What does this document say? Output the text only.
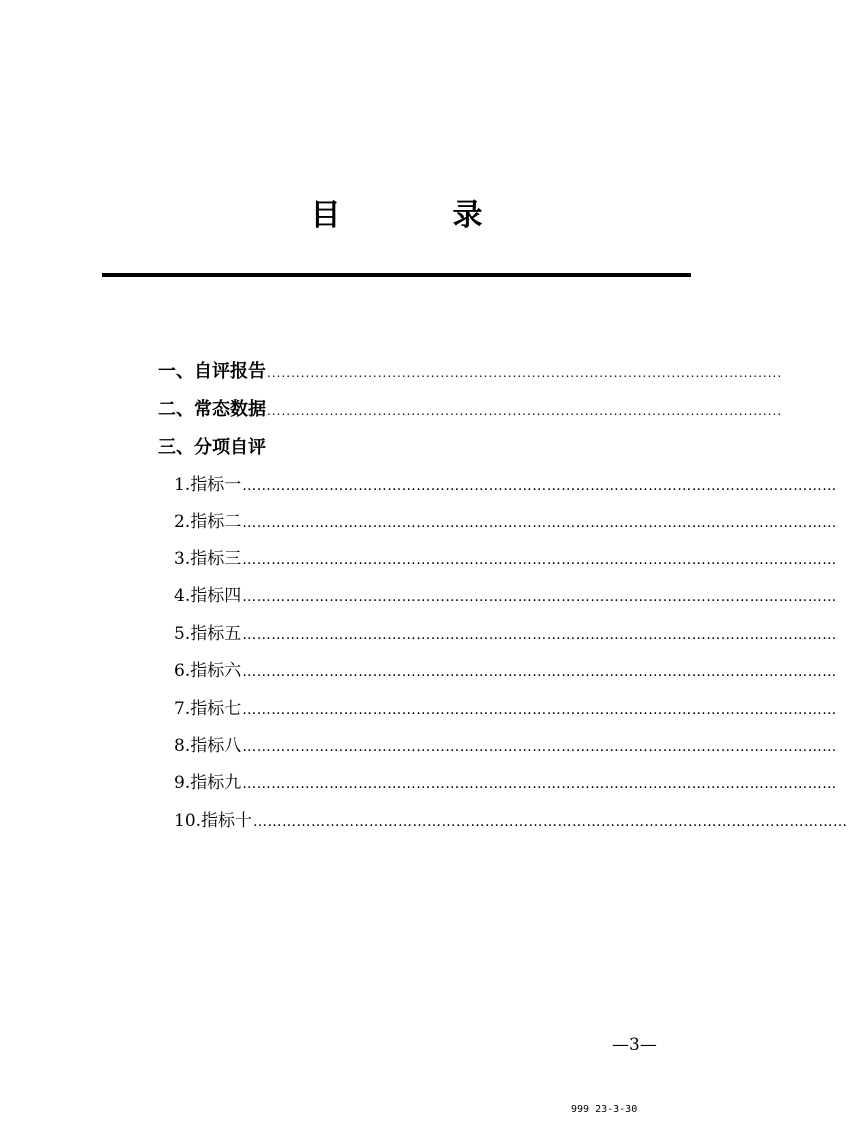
目	录
一、自评报告 ...........................................................................................................
二、常态数据 ...........................................................................................................
三、分项自评
1. 指标一 ……………………………………………………………………………………………………………
2. 指标二 ……………………………………………………………………………………………………………
3. 指标三 ……………………………………………………………………………………………………………
4. 指标四 ……………………………………………………………………………………………………………
5. 指标五 ……………………………………………………………………………………………………………
6. 指标六 ……………………………………………………………………………………………………………
7. 指标七 ……………………………………………………………………………………………………………
8. 指标八 ……………………………………………………………………………………………………………
9. 指标九 ……………………………………………………………………………………………………………
10. 指标十 ……………………………………………………………………………………………………………
—3—
999 23-3-30
